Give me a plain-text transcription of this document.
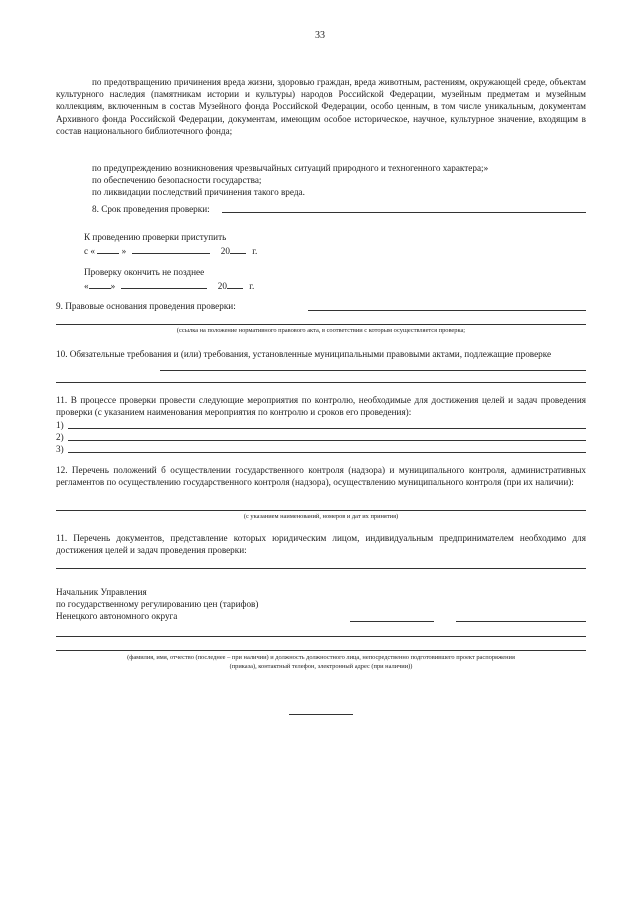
33

по предотвращению причинения вреда жизни, здоровью граждан, вреда животным, растениям, окружающей среде, объектам культурного наследия (памятникам истории и культуры) народов Российской Федерации, музейным предметам и музейным коллекциям, включенным в состав Музейного фонда Российской Федерации, особо ценным, в том числе уникальным, документам Архивного фонда Российской Федерации, документам, имеющим особое историческое, научное, культурное значение, входящим в состав национального библиотечного фонда;

по предупреждению возникновения чрезвычайных ситуаций природного и техногенного характера;»

по обеспечению безопасности государства;

по ликвидации последствий причинения такого вреда.

8. Срок проведения проверки:
К проведению проверки приступить
с «	»	20 г.
Проверку окончить не позднее
« »	20 г.
9. Правовые основания проведения проверки:
(ссылка на положение нормативного правового акта, в соответствии с которым осуществляется проверка;

10. Обязательные требования и (или) требования, установленные муниципальными правовыми актами, подлежащие проверке

11. В процессе проверки провести следующие мероприятия по контролю, необходимые для достижения целей и задач проведения проверки (с указанием наименования мероприятия по контролю и сроков его проведения):

1)
2)
3)

12. Перечень положений б осуществлении государственного контроля (надзора) и муниципального контроля, административных регламентов по осуществлению государственного контроля (надзора), осуществлению муниципального контроля (при их наличии):

(с указанием наименований, номеров и дат их принятия)

11. Перечень документов, представление которых юридическим лицом, индивидуальным предпринимателем необходимо для достижения целей и задач проведения проверки:

Начальник Управления
по государственному регулированию цен (тарифов)
Ненецкого автономного округа
(фамилия, имя, отчество (последнее – при наличии) и должность должностного лица, непосредственно подготовившего проект распоряжения
(приказа), контактный телефон, электронный адрес (при наличии))
